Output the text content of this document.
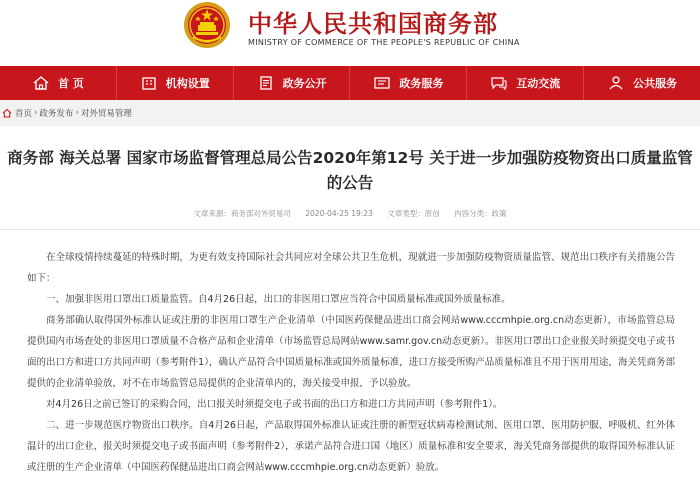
中华人民共和国商务部
MINISTRY OF COMMERCE OF THE PEOPLE'S REPUBLIC OF CHINA
首 页	机构设置	政务公开	政务服务	互动交流	公共服务
首页 › 政务发布 › 对外贸易管理
商务部 海关总署 国家市场监督管理总局公告2020年第12号 关于进一步加强防疫物资出口质量监管的公告
文章来源：商务部对外贸易司 2020-04-25 19:23 文章类型：原创 内容分类：政策

在全球疫情持续蔓延的特殊时期，为更有效支持国际社会共同应对全球公共卫生危机，现就进一步加强防疫物资质量监管、规范出口秩序有关措施公告如下：

一、加强非医用口罩出口质量监管。自4月26日起，出口的非医用口罩应当符合中国质量标准或国外质量标准。

商务部确认取得国外标准认证或注册的非医用口罩生产企业清单（中国医药保健品进出口商会网站www.cccmhpie.org.cn动态更新），市场监管总局提供国内市场查处的非医用口罩质量不合格产品和企业清单（市场监管总局网站www.samr.gov.cn动态更新）。非医用口罩出口企业报关时须提交电子或书面的出口方和进口方共同声明（参考附件1），确认产品符合中国质量标准或国外质量标准，进口方接受所购产品质量标准且不用于医用用途，海关凭商务部提供的企业清单验放，对不在市场监管总局提供的企业清单内的，海关接受申报，予以验放。

对4月26日之前已签订的采购合同，出口报关时须提交电子或书面的出口方和进口方共同声明（参考附件1）。

二、进一步规范医疗物资出口秩序。自4月26日起，产品取得国外标准认证或注册的新型冠状病毒检测试剂、医用口罩、医用防护服、呼吸机、红外体温计的出口企业，报关时须提交电子或书面声明（参考附件2），承诺产品符合进口国（地区）质量标准和安全要求，海关凭商务部提供的取得国外标准认证或注册的生产企业清单（中国医药保健品进出口商会网站www.cccmhpie.org.cn动态更新）验放。
